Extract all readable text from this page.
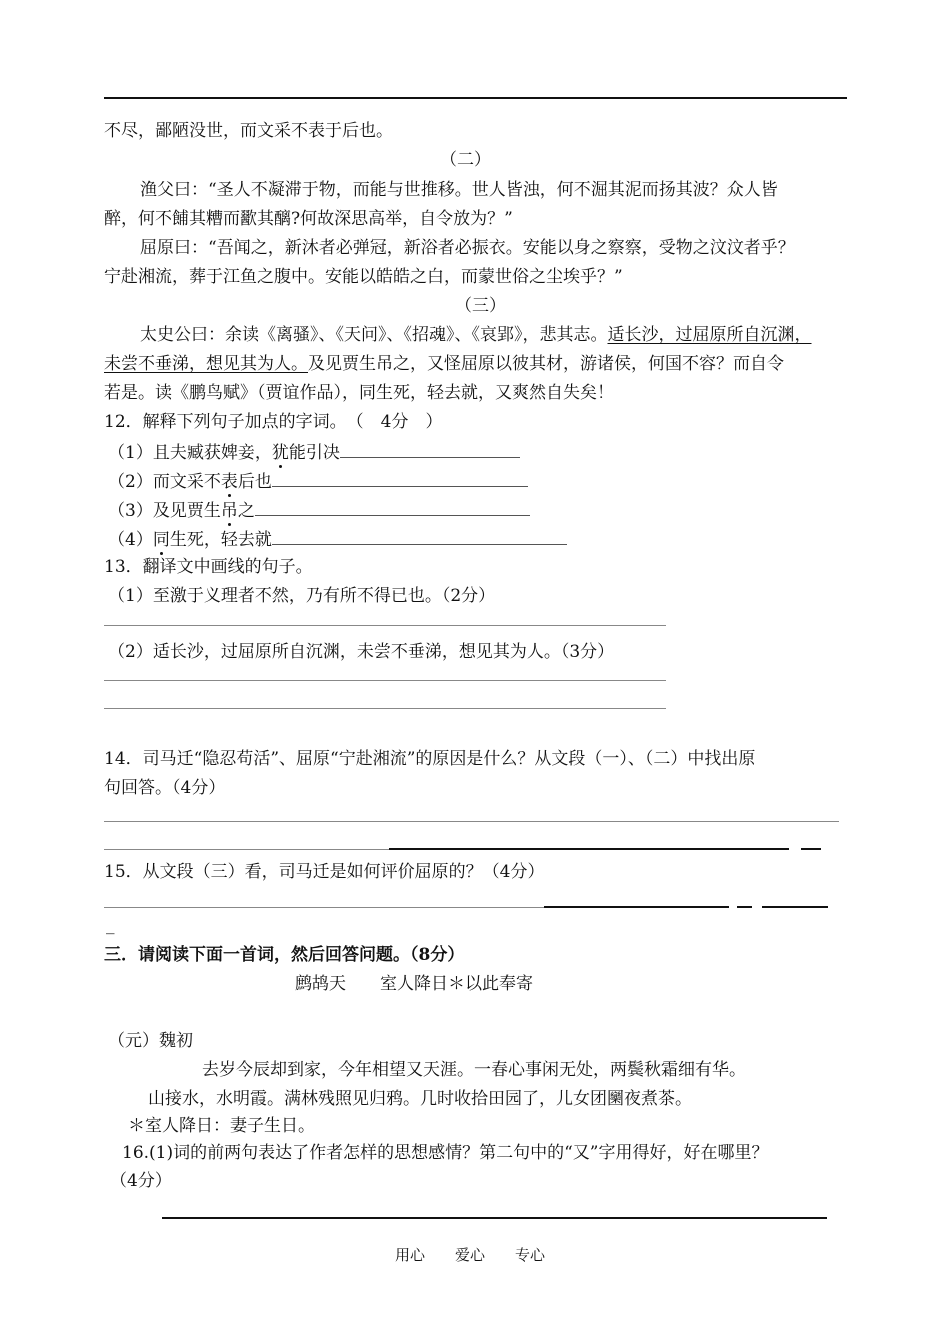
不尽，鄙陋没世，而文采不表于后也。
（二）
渔父曰：“圣人不凝滞于物，而能与世推移。世人皆浊，何不淈其泥而扬其波？众人皆
醉，何不餔其糟而歠其醨?何故深思高举，自令放为？”
屈原曰：“吾闻之，新沐者必弹冠，新浴者必振衣。安能以身之察察，受物之汶汶者乎？
宁赴湘流，葬于江鱼之腹中。安能以皓皓之白，而蒙世俗之尘埃乎？”
（三）
太史公曰：余读《离骚》、《天问》、《招魂》、《哀郢》，悲其志。适长沙，过屈原所自沉渊，
未尝不垂涕，想见其为人。及见贾生吊之，又怪屈原以彼其材，游诸侯，何国不容？而自令
若是。读《鹏鸟赋》（贾谊作品），同生死，轻去就，又爽然自失矣！
12．解释下列句子加点的字词。　（　4分　）
（1）且夫臧获婢妾，犹能引决
（2）而文采不表后也
（3）及见贾生吊之
（4）同生死，轻去就
13．翻译文中画线的句子。
（1）至激于义理者不然，乃有所不得已也。（2分）
（2）适长沙，过屈原所自沉渊，未尝不垂涕，想见其为人。（3分）
14．司马迁“隐忍苟活”、屈原“宁赴湘流”的原因是什么？从文段（一）、（二）中找出原
句回答。（4分）
15．从文段（三）看，司马迁是如何评价屈原的？（4分）
_
三．请阅读下面一首词，然后回答问题。（8分）
鹧鸪天　　室人降日＊以此奉寄
（元）魏初
去岁今辰却到家，今年相望又天涯。一春心事闲无处，两鬓秋霜细有华。
山接水，水明霞。满林残照见归鸦。几时收拾田园了，儿女团圞夜煮茶。
＊室人降日：妻子生日。
16.(1)词的前两句表达了作者怎样的思想感情？第二句中的“又”字用得好，好在哪里？
（4分）
用心　　爱心　　专心
